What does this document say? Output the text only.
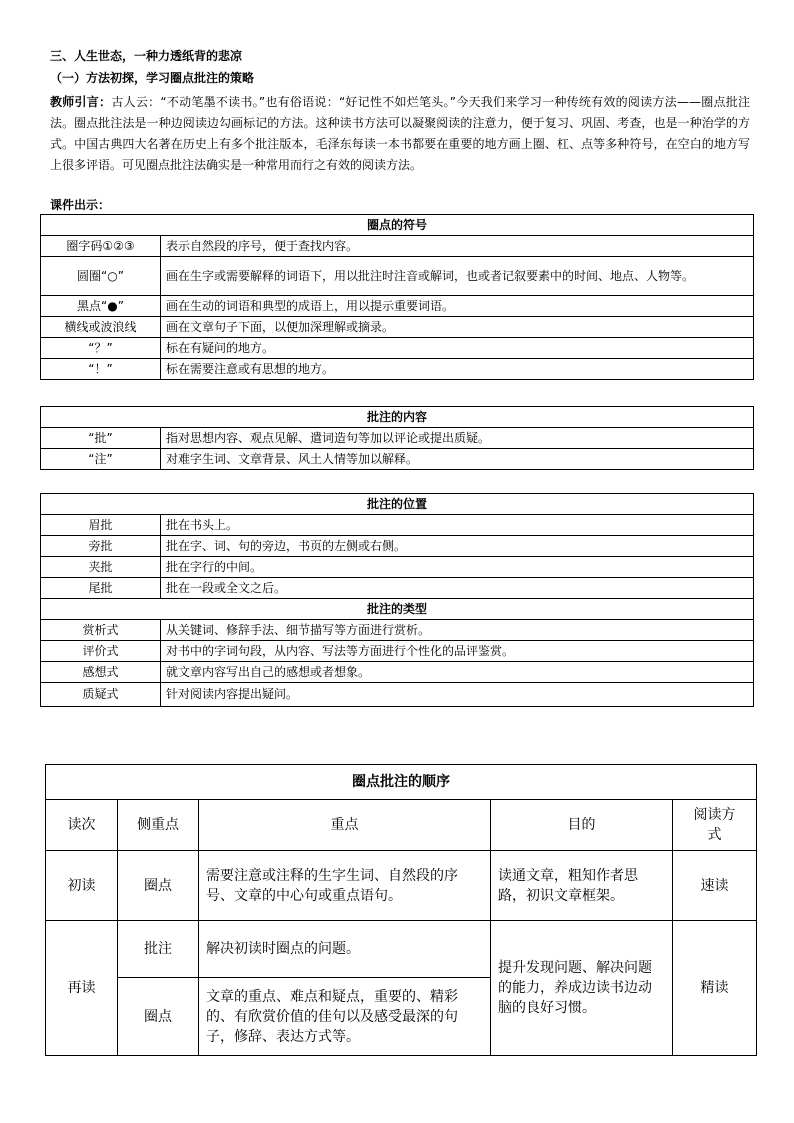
三、人生世态，一种力透纸背的悲凉
（一）方法初探，学习圈点批注的策略
教师引言：古人云：“不动笔墨不读书。”也有俗语说：“好记性不如烂笔头。”今天我们来学习一种传统有效的阅读方法——圈点批注法。圈点批注法是一种边阅读边勾画标记的方法。这种读书方法可以凝聚阅读的注意力，便于复习、巩固、考查，也是一种治学的方式。中国古典四大名著在历史上有多个批注版本，毛泽东每读一本书都要在重要的地方画上圈、杠、点等多种符号，在空白的地方写上很多评语。可见圈点批注法确实是一种常用而行之有效的阅读方法。
课件出示：
圈点的符号	
圈字码①②③	表示自然段的序号，便于查找内容。
圆圈“○”	画在生字或需要解释的词语下，用以批注时注音或解词，也或者记叙要素中的时间、地点、人物等。
黑点“●”	画在生动的词语和典型的成语上，用以提示重要词语。
横线或波浪线	画在文章句子下面，以便加深理解或摘录。
“？”	标在有疑问的地方。
“！”	标在需要注意或有思想的地方。
批注的内容	
“批”	指对思想内容、观点见解、遣词造句等加以评论或提出质疑。
“注”	对难字生词、文章背景、风土人情等加以解释。
批注的位置	
眉批	批在书头上。
旁批	批在字、词、句的旁边，书页的左侧或右侧。
夹批	批在字行的中间。
尾批	批在一段或全文之后。
批注的类型	
赏析式	从关键词、修辞手法、细节描写等方面进行赏析。
评价式	对书中的字词句段，从内容、写法等方面进行个性化的品评鉴赏。
感想式	就文章内容写出自己的感想或者想象。
质疑式	针对阅读内容提出疑问。
圈点批注的顺序				
读次	侧重点	重点	目的	阅读方式
初读	圈点	需要注意或注释的生字生词、自然段的序号、文章的中心句或重点语句。	读通文章，粗知作者思路，初识文章框架。	速读
再读	批注	解决初读时圈点的问题。	提升发现问题、解决问题的能力，养成边读书边动脑的良好习惯。	精读
	圈点	文章的重点、难点和疑点，重要的、精彩的、有欣赏价值的佳句以及感受最深的句子，修辞、表达方式等。		
